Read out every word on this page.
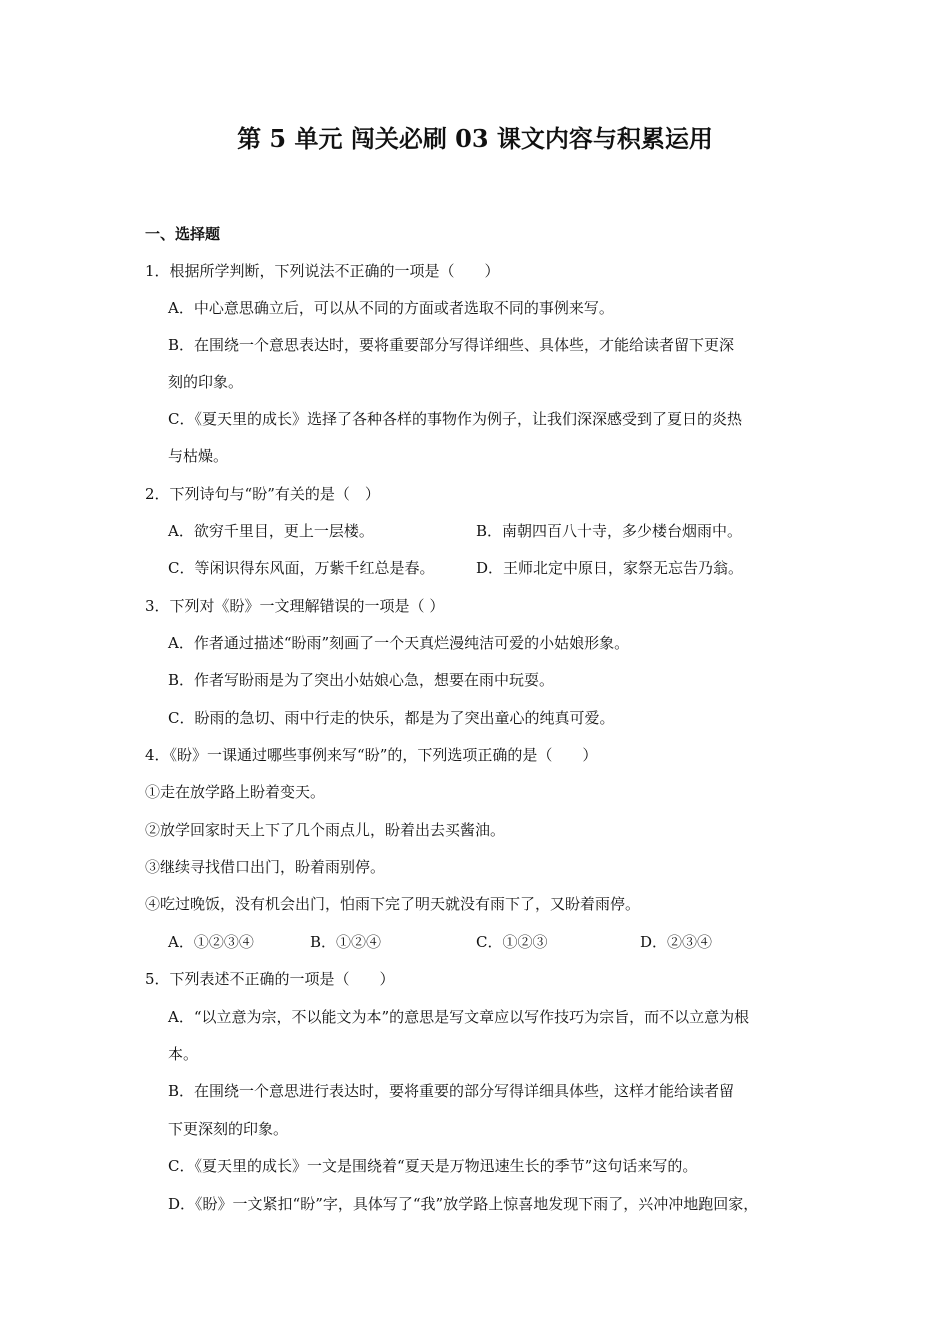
第 5 单元 闯关必刷 03 课文内容与积累运用
一、选择题
1．根据所学判断，下列说法不正确的一项是（　　）
A．中心意思确立后，可以从不同的方面或者选取不同的事例来写。
B．在围绕一个意思表达时，要将重要部分写得详细些、具体些，才能给读者留下更深
刻的印象。
C．《夏天里的成长》选择了各种各样的事物作为例子，让我们深深感受到了夏日的炎热
与枯燥。
2．下列诗句与“盼”有关的是（　）
A．欲穷千里目，更上一层楼。	B．南朝四百八十寺，多少楼台烟雨中。
C．等闲识得东风面，万紫千红总是春。	D．王师北定中原日，家祭无忘告乃翁。
3．下列对《盼》一文理解错误的一项是（ ）
A．作者通过描述“盼雨”刻画了一个天真烂漫纯洁可爱的小姑娘形象。
B．作者写盼雨是为了突出小姑娘心急，想要在雨中玩耍。
C．盼雨的急切、雨中行走的快乐，都是为了突出童心的纯真可爱。
4．《盼》一课通过哪些事例来写“盼”的，下列选项正确的是（　　）
①走在放学路上盼着变天。
②放学回家时天上下了几个雨点儿，盼着出去买酱油。
③继续寻找借口出门，盼着雨别停。
④吃过晚饭，没有机会出门，怕雨下完了明天就没有雨下了，又盼着雨停。
A．①②③④	B．①②④	C．①②③	D．②③④
5．下列表述不正确的一项是（　　）
A．“以立意为宗，不以能文为本”的意思是写文章应以写作技巧为宗旨，而不以立意为根
本。
B．在围绕一个意思进行表达时，要将重要的部分写得详细具体些，这样才能给读者留
下更深刻的印象。
C．《夏天里的成长》一文是围绕着“夏天是万物迅速生长的季节”这句话来写的。
D．《盼》一文紧扣“盼”字，具体写了“我”放学路上惊喜地发现下雨了，兴冲冲地跑回家，
